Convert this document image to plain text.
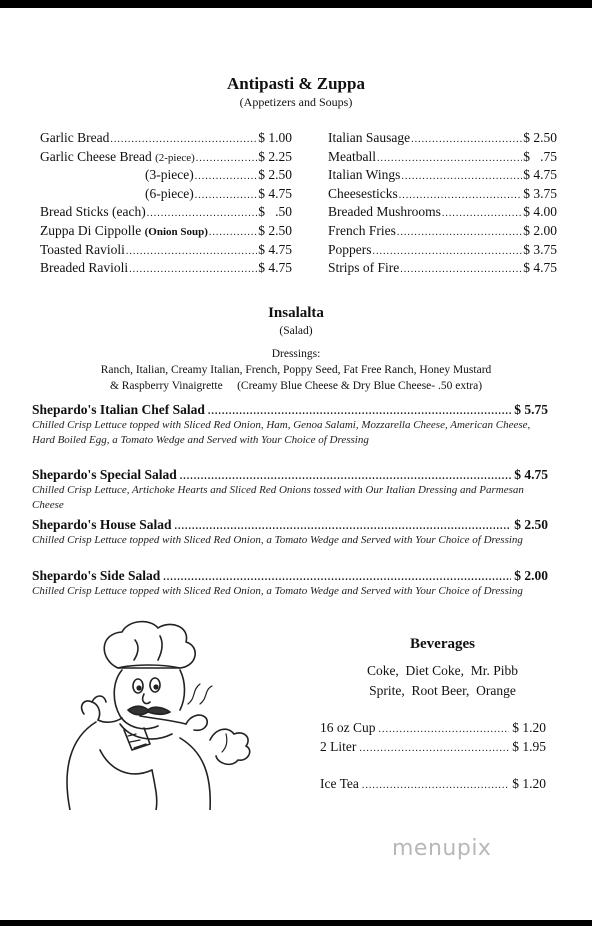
Antipasti & Zuppa
(Appetizers and Soups)
Garlic Bread .....	$ 1.00
Garlic Cheese Bread (2-piece) .....	$ 2.25
(3-piece) .....	$ 2.50
(6-piece) .....	$ 4.75
Bread Sticks (each) .....	$   .50
Zuppa Di Cippolle (Onion Soup) .....	$ 2.50
Toasted Ravioli .....	$ 4.75
Breaded Ravioli .....	$ 4.75
Italian Sausage .....	$ 2.50
Meatball .....	$   .75
Italian Wings .....	$ 4.75
Cheesesticks .....	$ 3.75
Breaded Mushrooms .....	$ 4.00
French Fries .....	$ 2.00
Poppers .....	$ 3.75
Strips of Fire .....	$ 4.75
Insalalta
(Salad)
Dressings:
Ranch, Italian, Creamy Italian, French, Poppy Seed, Fat Free Ranch, Honey Mustard
& Raspberry Vinaigrette     (Creamy Blue Cheese & Dry Blue Cheese- .50 extra)
Shepardo's Italian Chef Salad .....	$ 5.75
Chilled Crisp Lettuce topped with Sliced Red Onion, Ham, Genoa Salami, Mozzarella Cheese, American Cheese, Hard Boiled Egg, a Tomato Wedge and Served with Your Choice of Dressing
Shepardo's Special Salad .....	$ 4.75
Chilled Crisp Lettuce, Artichoke Hearts and Sliced Red Onions tossed with Our Italian Dressing and Parmesan Cheese
Shepardo's House Salad .....	$ 2.50
Chilled Crisp Lettuce topped with Sliced Red Onion, a Tomato Wedge and Served with Your Choice of Dressing
Shepardo's Side Salad .....	$ 2.00
Chilled Crisp Lettuce topped with Sliced Red Onion, a Tomato Wedge and Served with Your Choice of Dressing
Beverages
Coke,  Diet Coke,  Mr. Pibb
Sprite,  Root Beer,  Orange
16 oz Cup .....	$ 1.20
2 Liter .....	$ 1.95
Ice Tea .....	$ 1.20
menupix
